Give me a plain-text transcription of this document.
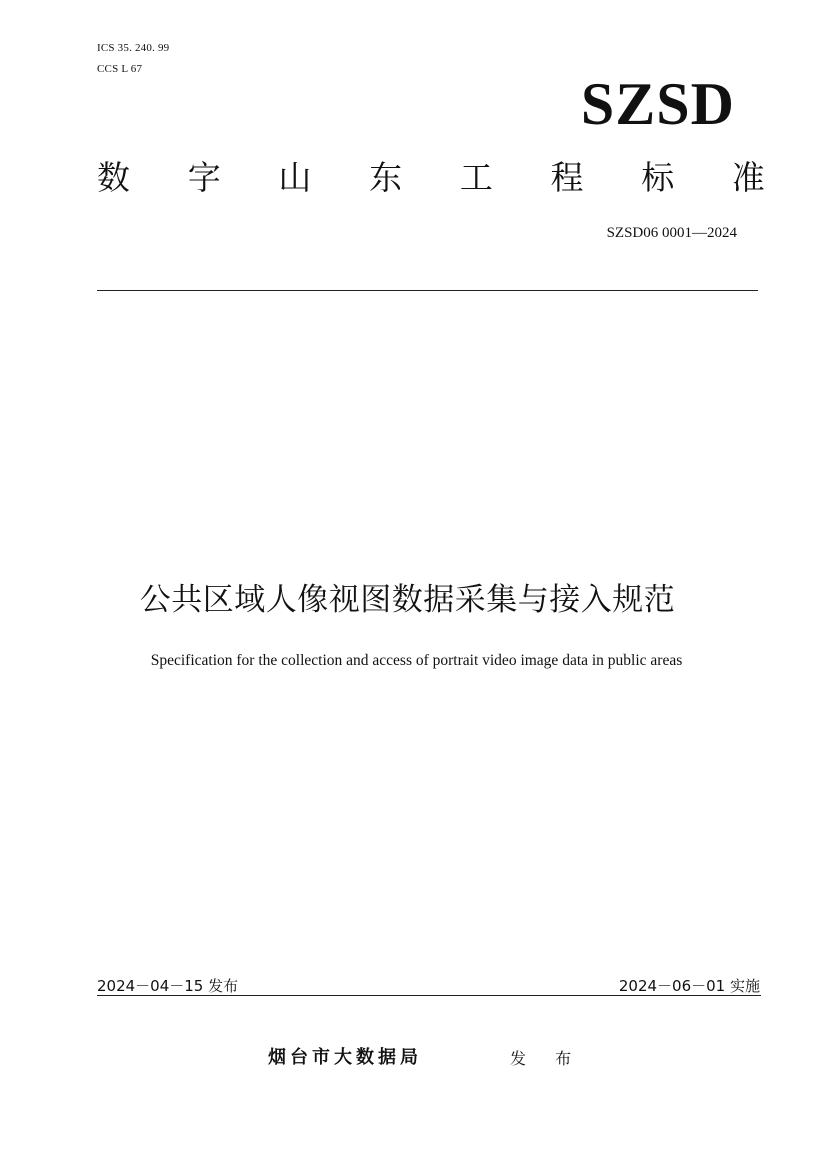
ICS 35. 240. 99
CCS L 67
SZSD
数 字 山 东 工 程 标 准
SZSD06 0001—2024
公共区域人像视图数据采集与接入规范
Specification for the collection and access of portrait video image data in public areas
2024－04－15 发布	2024－06－01 实施
烟台市大数据局	发 布
